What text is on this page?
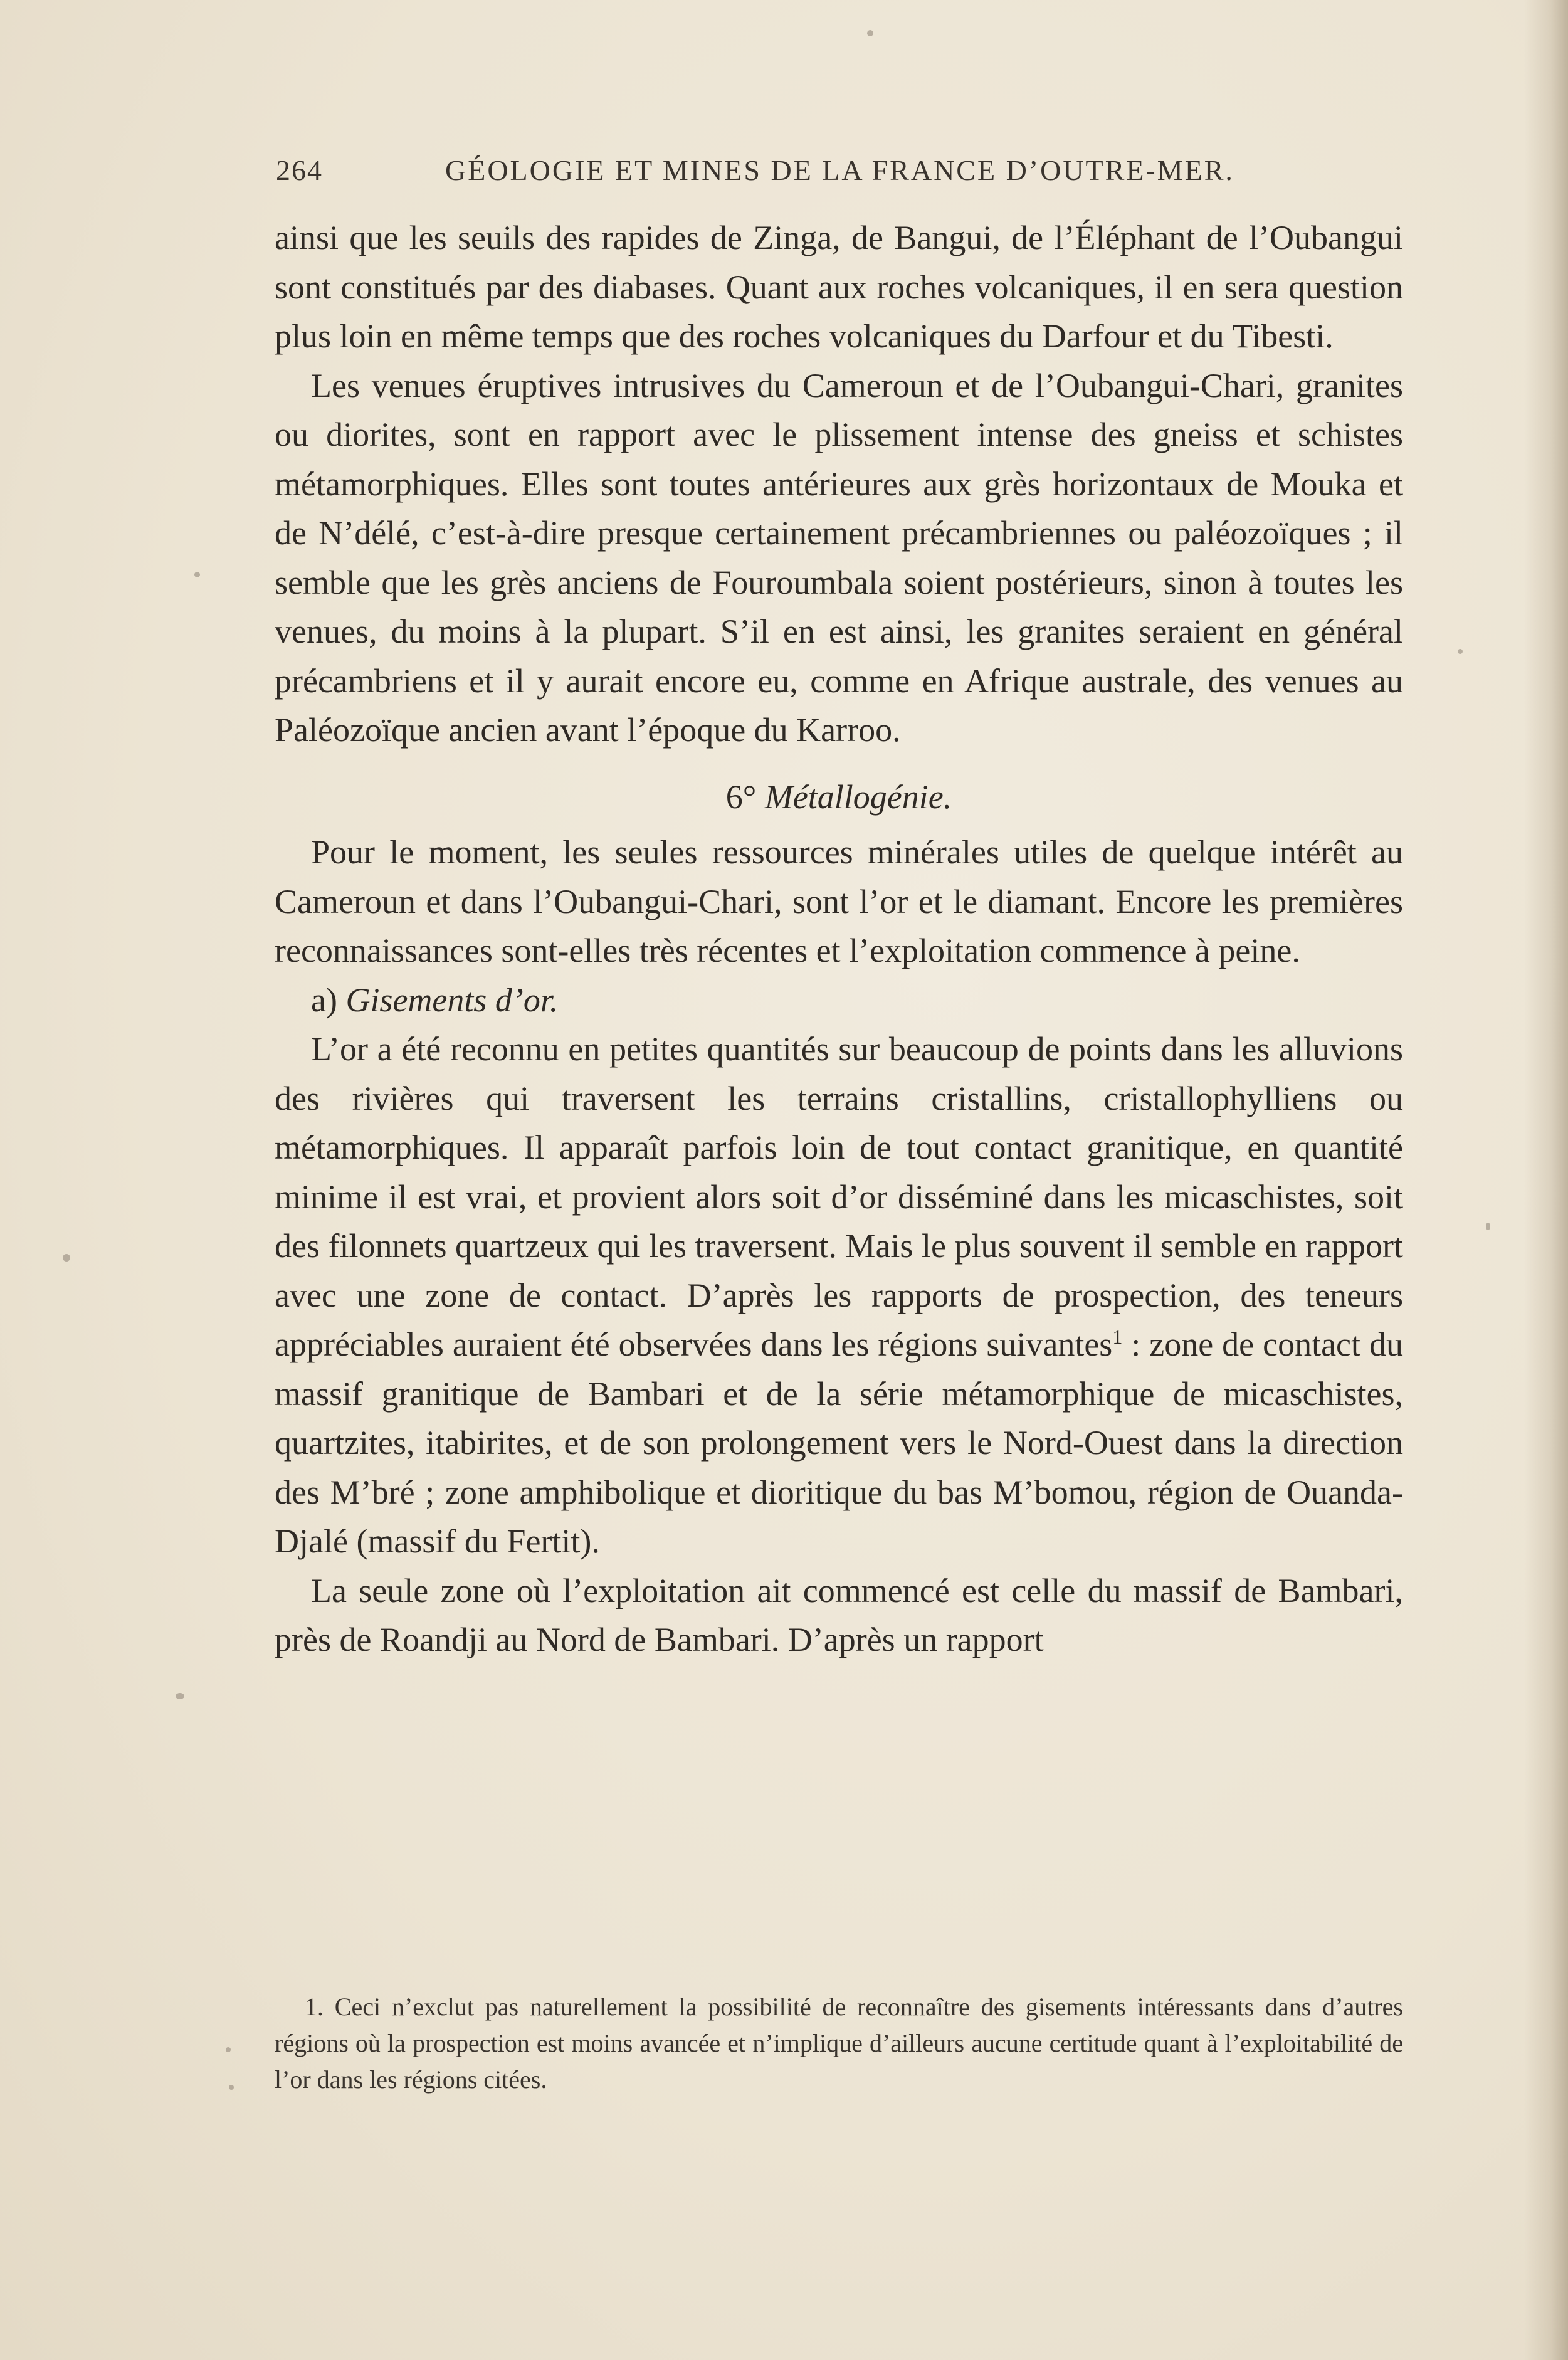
264	GÉOLOGIE ET MINES DE LA FRANCE D’OUTRE-MER.

ainsi que les seuils des rapides de Zinga, de Bangui, de l’Éléphant de l’Oubangui sont constitués par des diabases. Quant aux roches volcaniques, il en sera question plus loin en même temps que des roches volcaniques du Darfour et du Tibesti.

Les venues éruptives intrusives du Cameroun et de l’Oubangui-Chari, granites ou diorites, sont en rapport avec le plissement intense des gneiss et schistes métamorphiques. Elles sont toutes antérieures aux grès horizontaux de Mouka et de N’délé, c’est-à-dire presque certainement précambriennes ou paléozoïques ; il semble que les grès anciens de Fouroumbala soient postérieurs, sinon à toutes les venues, du moins à la plupart. S’il en est ainsi, les granites seraient en général précambriens et il y aurait encore eu, comme en Afrique australe, des venues au Paléozoïque ancien avant l’époque du Karroo.

6° Métallogénie.

Pour le moment, les seules ressources minérales utiles de quelque intérêt au Cameroun et dans l’Oubangui-Chari, sont l’or et le diamant. Encore les premières reconnaissances sont-elles très récentes et l’exploitation commence à peine.

a) Gisements d’or.

L’or a été reconnu en petites quantités sur beaucoup de points dans les alluvions des rivières qui traversent les terrains cristallins, cristallophylliens ou métamorphiques. Il apparaît parfois loin de tout contact granitique, en quantité minime il est vrai, et provient alors soit d’or disséminé dans les micaschistes, soit des filonnets quartzeux qui les traversent. Mais le plus souvent il semble en rapport avec une zone de contact. D’après les rapports de prospection, des teneurs appréciables auraient été observées dans les régions suivantes$^1$ : zone de contact du massif granitique de Bambari et de la série métamorphique de micaschistes, quartzites, itabirites, et de son prolongement vers le Nord-Ouest dans la direction des M’bré ; zone amphibolique et dioritique du bas M’bomou, région de Ouanda-Djalé (massif du Fertit).

La seule zone où l’exploitation ait commencé est celle du massif de Bambari, près de Roandji au Nord de Bambari. D’après un rapport

1. Ceci n’exclut pas naturellement la possibilité de reconnaître des gisements intéressants dans d’autres régions où la prospection est moins avancée et n’implique d’ailleurs aucune certitude quant à l’exploitabilité de l’or dans les régions citées.
